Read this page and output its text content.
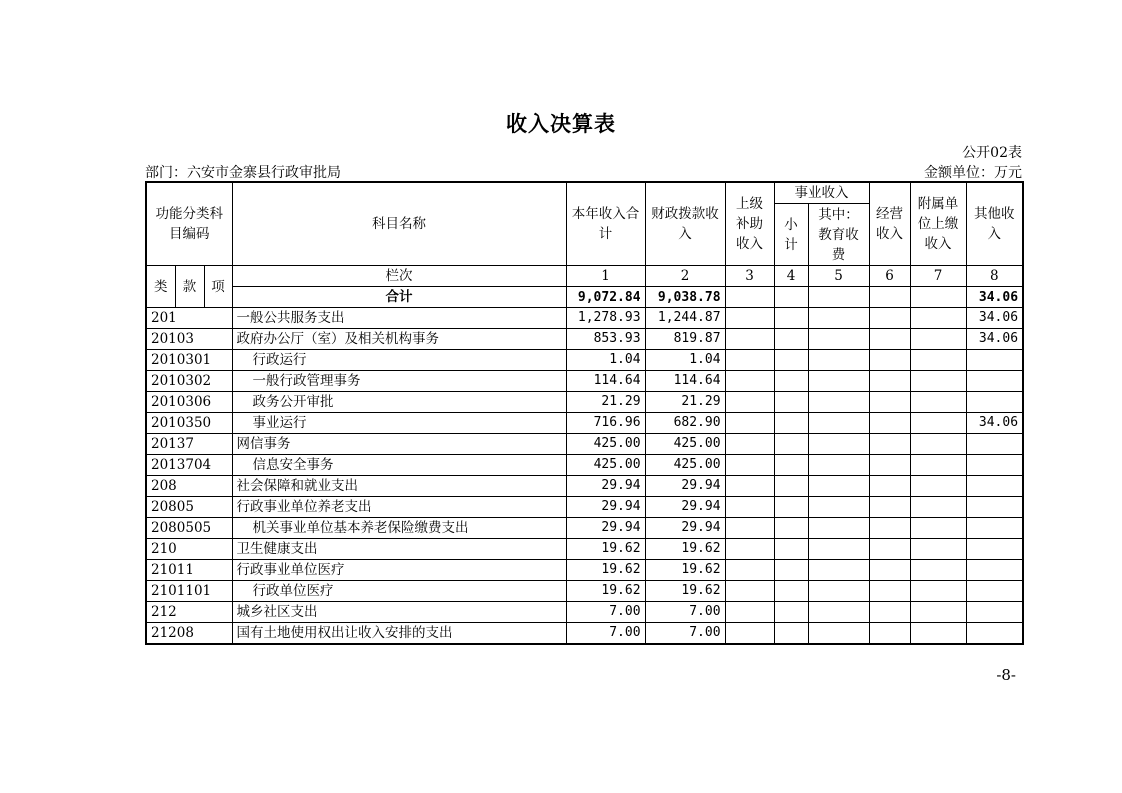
收入决算表
公开02表
部门：六安市金寨县行政审批局	金额单位：万元
功能分类科目编码			科目名称	本年收入合计	财政拨款收入	上级补助收入	事业收入		经营收入	附属单位上缴收入	其他收入
							小计	其中：教育收费			
类	款	项	栏次	1	2	3	4	5	6	7	8
			合计	9,072.84	9,038.78						34.06
201			一般公共服务支出	1,278.93	1,244.87						34.06
20103			政府办公厅（室）及相关机构事务	853.93	819.87						34.06
2010301			行政运行	1.04	1.04						
2010302			一般行政管理事务	114.64	114.64						
2010306			政务公开审批	21.29	21.29						
2010350			事业运行	716.96	682.90						34.06
20137			网信事务	425.00	425.00						
2013704			信息安全事务	425.00	425.00						
208			社会保障和就业支出	29.94	29.94						
20805			行政事业单位养老支出	29.94	29.94						
2080505			机关事业单位基本养老保险缴费支出	29.94	29.94						
210			卫生健康支出	19.62	19.62						
21011			行政事业单位医疗	19.62	19.62						
2101101			行政单位医疗	19.62	19.62						
212			城乡社区支出	7.00	7.00						
21208			国有土地使用权出让收入安排的支出	7.00	7.00						
-8-
